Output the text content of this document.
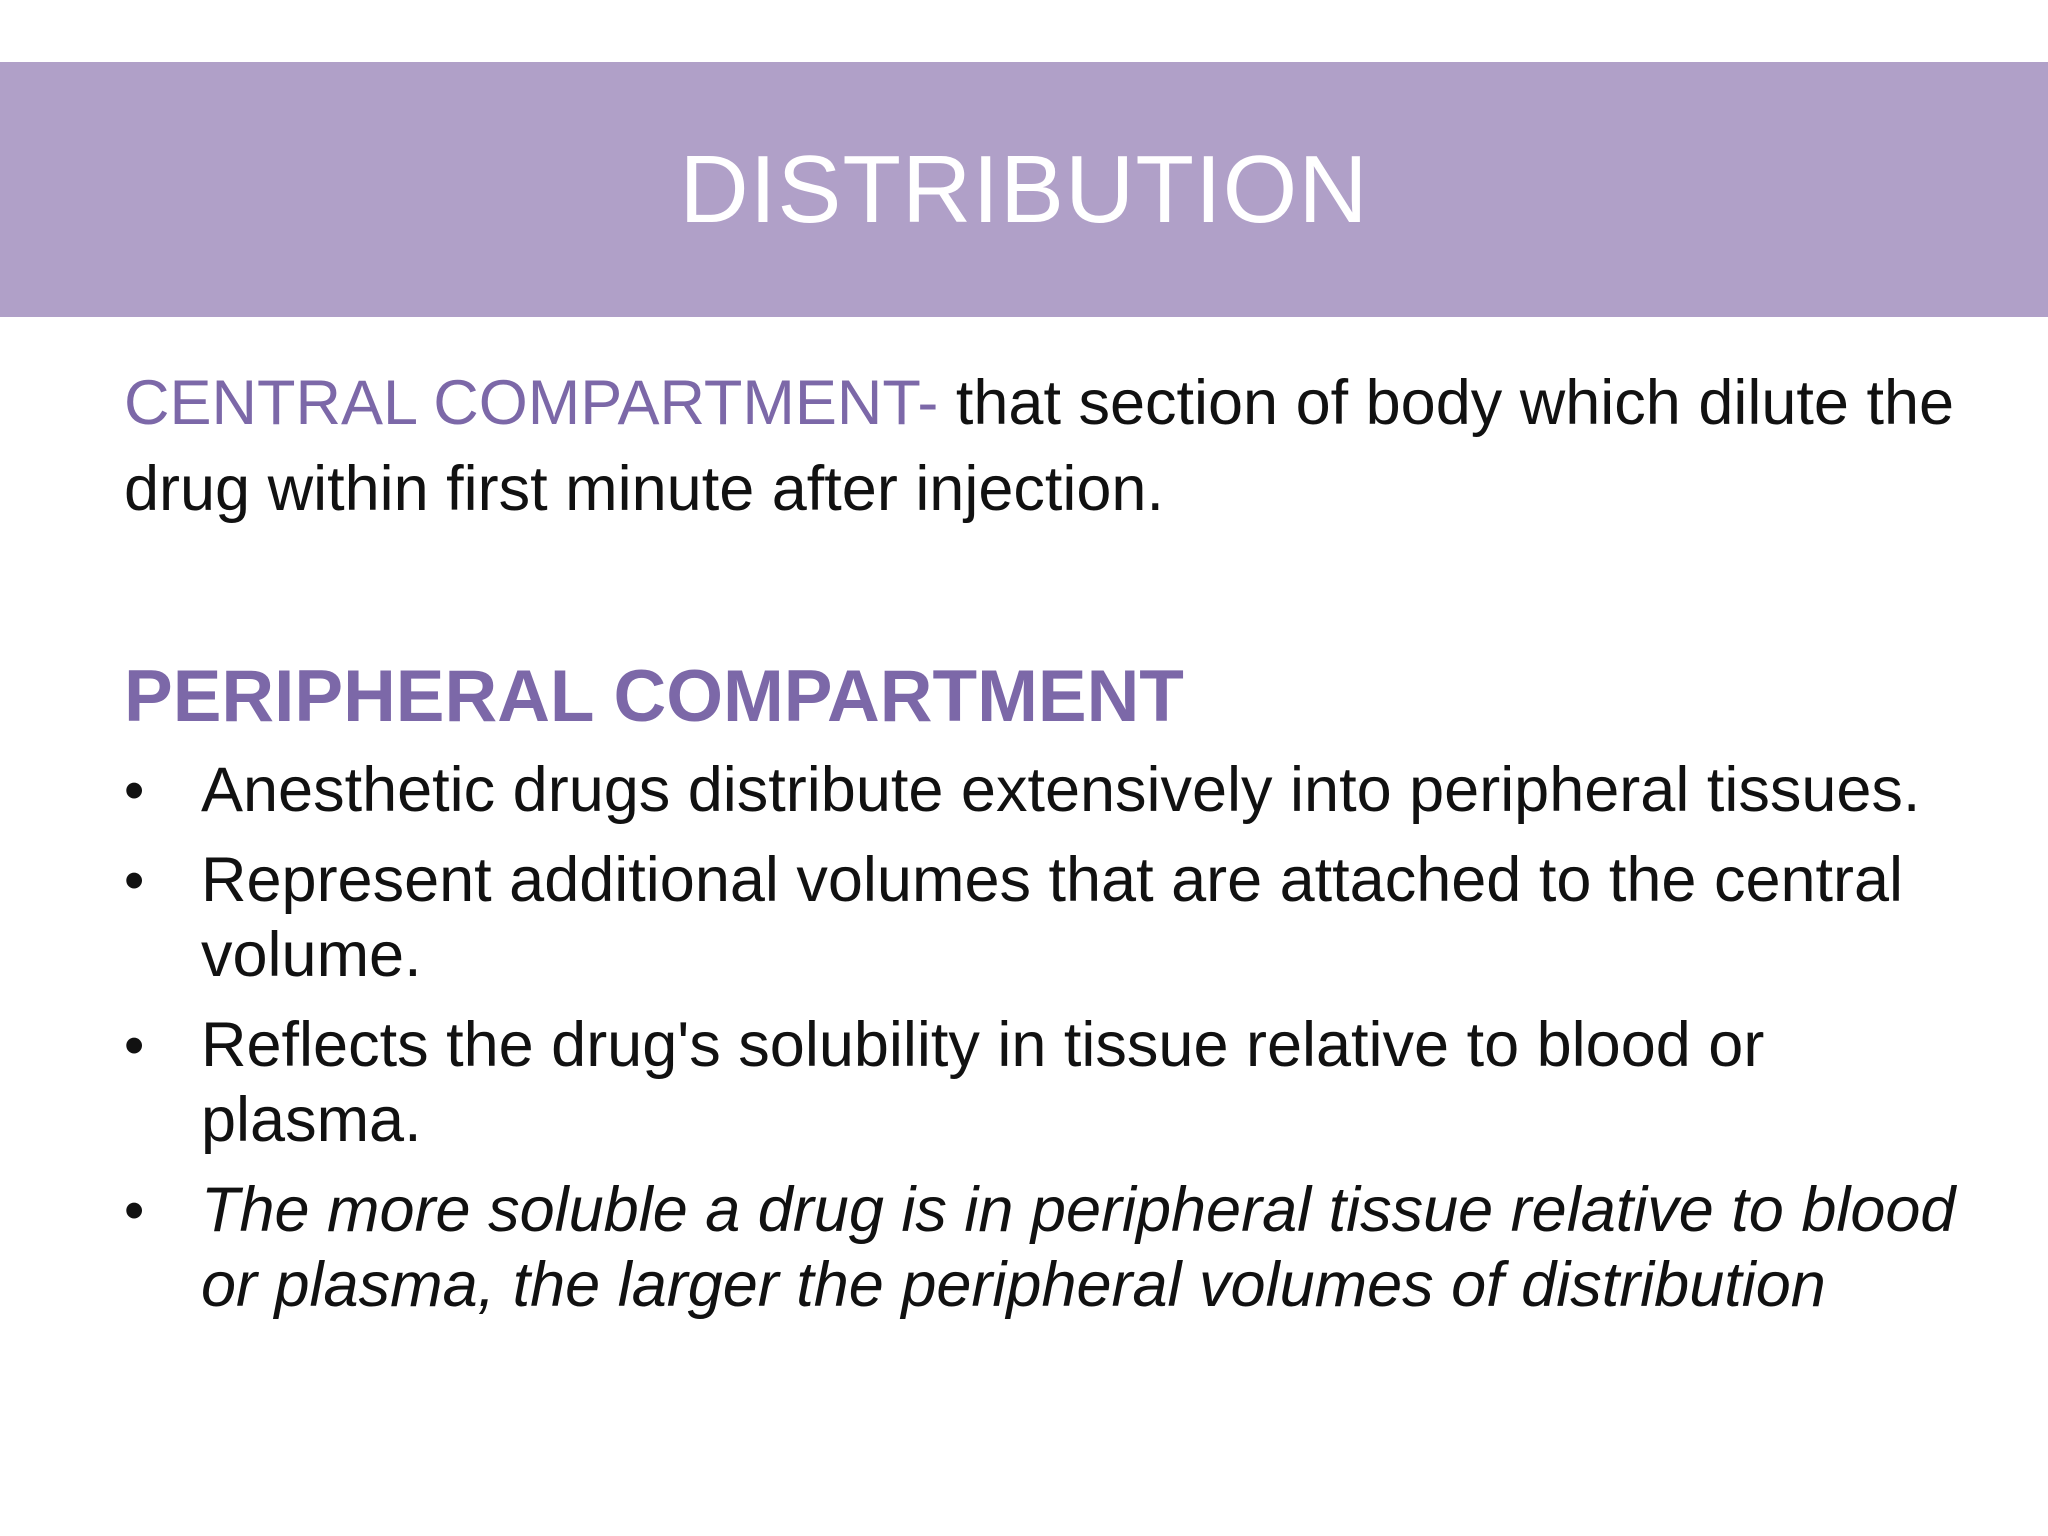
DISTRIBUTION

CENTRAL COMPARTMENT- that section of body which dilute the drug within first minute after injection.

PERIPHERAL COMPARTMENT
• Anesthetic drugs distribute extensively into peripheral tissues.
• Represent additional volumes that are attached to the central volume.
• Reflects the drug's solubility in tissue relative to blood or plasma.
• The more soluble a drug is in peripheral tissue relative to blood or plasma, the larger the peripheral volumes of distribution
